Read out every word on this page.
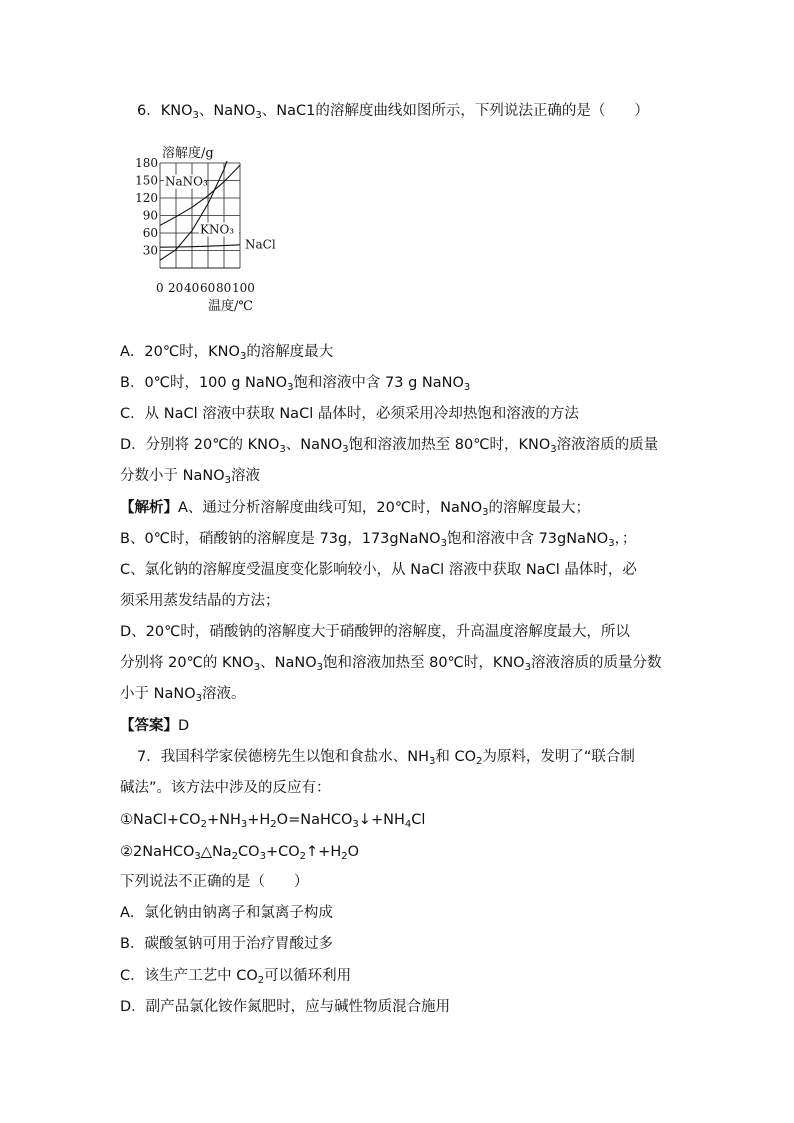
6．$KNO_3$、NaNO$_3$、NaC1的溶解度曲线如图所示，下列说法正确的是（　　）
30
60
90
120
150
180
0 20406080100
溶解度/g
温度/℃
NaNO₃
KNO₃
NaCl
A．20℃时，$KNO_3$的溶解度最大
B．0℃时，100 g NaNO$_3$饱和溶液中含 73 g NaNO$_3$
C．从 NaCl 溶液中获取 NaCl 晶体时，必须采用冷却热饱和溶液的方法
D．分别将 20℃的 $KNO_3$、NaNO$_3$饱和溶液加热至 80℃时，$KNO_3$溶液溶质的质量
分数小于 NaNO$_3$溶液
【解析】A、通过分析溶解度曲线可知，20℃时，NaNO$_3$的溶解度最大；
B、0℃时，硝酸钠的溶解度是 73g，173gNaNO$_3$饱和溶液中含 73gNaNO$_3$，；
C、氯化钠的溶解度受温度变化影响较小，从 NaCl 溶液中获取 NaCl 晶体时，必
须采用蒸发结晶的方法；
D、20℃时，硝酸钠的溶解度大于硝酸钾的溶解度，升高温度溶解度最大，所以
分别将 20℃的 $KNO_3$、NaNO$_3$饱和溶液加热至 80℃时，$KNO_3$溶液溶质的质量分数
小于 NaNO$_3$溶液。
【答案】D
7．我国科学家侯德榜先生以饱和食盐水、$NH_3$和 $CO_2$为原料，发明了“联合制
碱法”。该方法中涉及的反应有：
$①NaCl+CO_2+NH_3+H_2O=NaHCO_3↓+NH_4Cl$
$②2NaHCO_3\triangle Na_2CO_3+CO_2↑+H_2O$
下列说法不正确的是（　　）
A．氯化钠由钠离子和氯离子构成
B．碳酸氢钠可用于治疗胃酸过多
C．该生产工艺中 $CO_2$可以循环利用
D．副产品氯化铵作氮肥时，应与碱性物质混合施用
